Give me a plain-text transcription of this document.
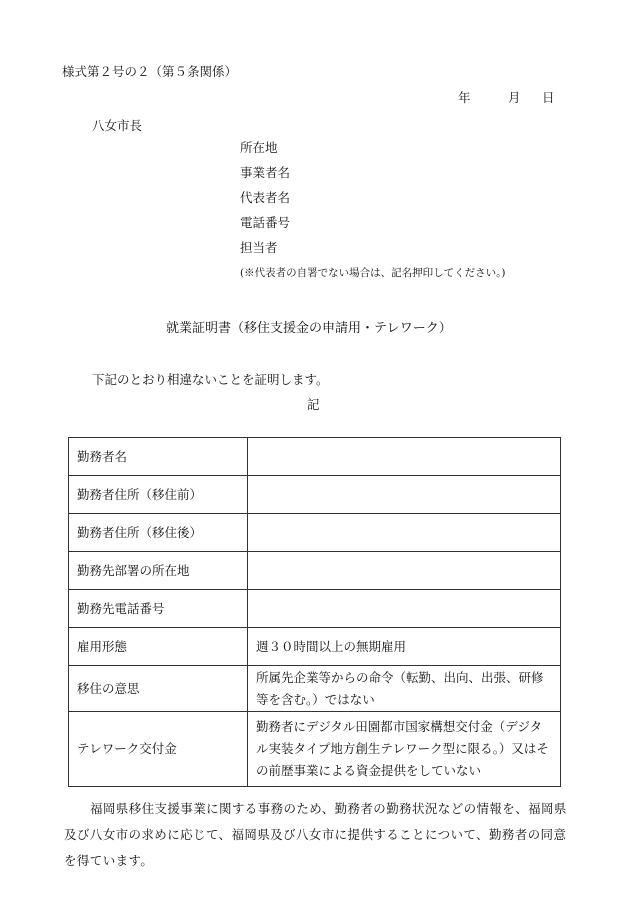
様式第２号の２（第５条関係）
年	月 日
八女市長
所在地
事業者名
代表者名
電話番号
担当者
(※代表者の自署でない場合は、記名押印してください。)
就業証明書（移住支援金の申請用・テレワーク）
下記のとおり相違ないことを証明します。
記
勤務者名	
勤務者住所（移住前）	
勤務者住所（移住後）	
勤務先部署の所在地	
勤務先電話番号	
雇用形態	週３０時間以上の無期雇用
移住の意思	所属先企業等からの命令（転勤、出向、出張、研修等を含む。）ではない
テレワーク交付金	勤務者にデジタル田園都市国家構想交付金（デジタル実装タイプ地方創生テレワーク型に限る。）又はその前歴事業による資金提供をしていない
福岡県移住支援事業に関する事務のため、勤務者の勤務状況などの情報を、福岡県及び八女市の求めに応じて、福岡県及び八女市に提供することについて、勤務者の同意を得ています。
